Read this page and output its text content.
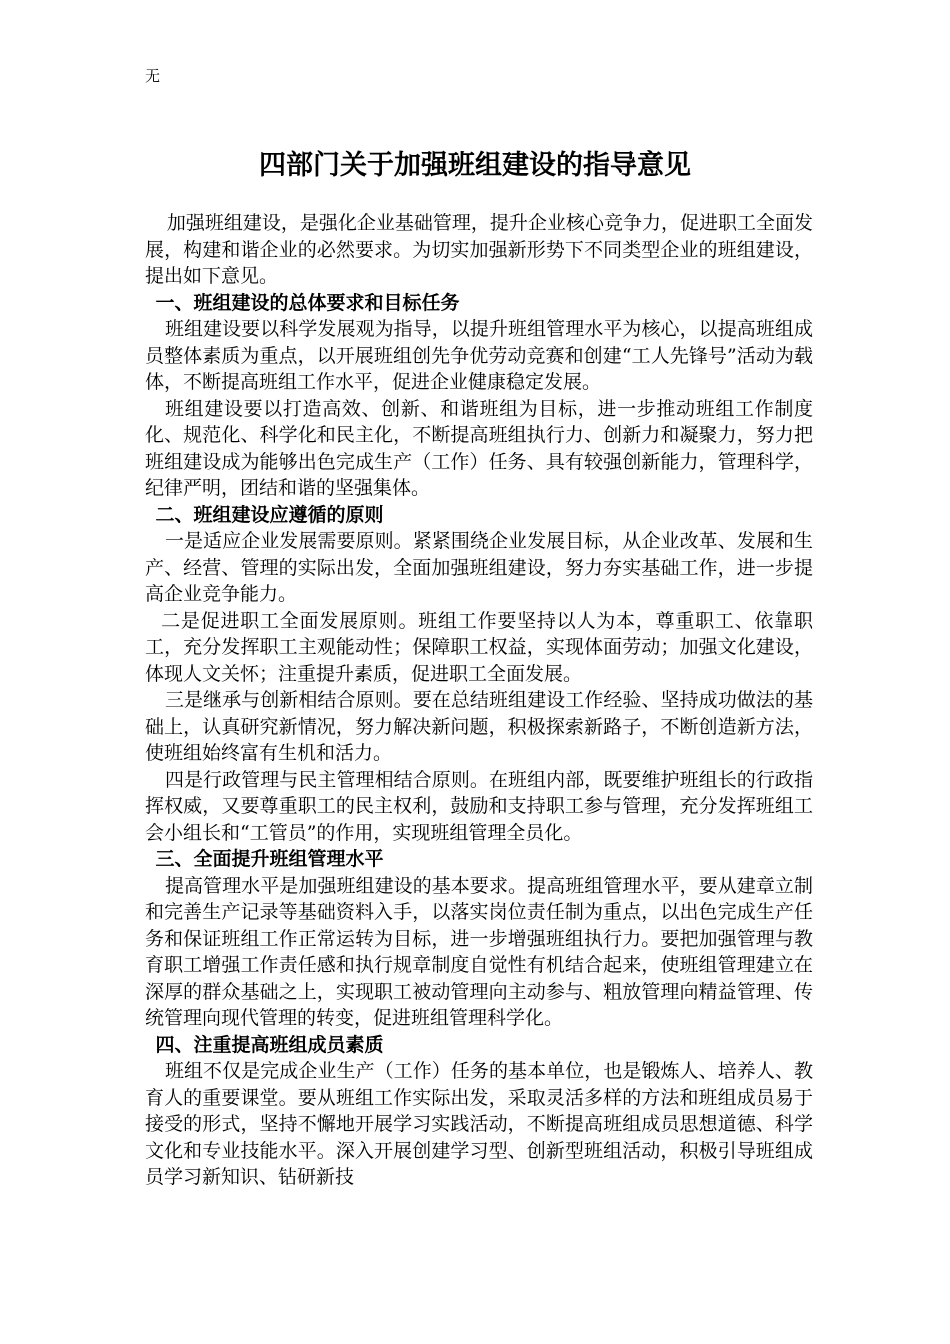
无
四部门关于加强班组建设的指导意见

加强班组建设，是强化企业基础管理，提升企业核心竞争力，促进职工全面发展，构建和谐企业的必然要求。为切实加强新形势下不同类型企业的班组建设，提出如下意见。

一、班组建设的总体要求和目标任务

班组建设要以科学发展观为指导，以提升班组管理水平为核心，以提高班组成员整体素质为重点，以开展班组创先争优劳动竞赛和创建“工人先锋号”活动为载体，不断提高班组工作水平，促进企业健康稳定发展。

班组建设要以打造高效、创新、和谐班组为目标，进一步推动班组工作制度化、规范化、科学化和民主化，不断提高班组执行力、创新力和凝聚力，努力把班组建设成为能够出色完成生产（工作）任务、具有较强创新能力，管理科学，纪律严明，团结和谐的坚强集体。

二、班组建设应遵循的原则

一是适应企业发展需要原则。紧紧围绕企业发展目标，从企业改革、发展和生产、经营、管理的实际出发，全面加强班组建设，努力夯实基础工作，进一步提高企业竞争能力。

二是促进职工全面发展原则。班组工作要坚持以人为本，尊重职工、依靠职工，充分发挥职工主观能动性；保障职工权益，实现体面劳动；加强文化建设，体现人文关怀；注重提升素质，促进职工全面发展。

三是继承与创新相结合原则。要在总结班组建设工作经验、坚持成功做法的基础上，认真研究新情况，努力解决新问题，积极探索新路子，不断创造新方法，使班组始终富有生机和活力。

四是行政管理与民主管理相结合原则。在班组内部，既要维护班组长的行政指挥权威，又要尊重职工的民主权利，鼓励和支持职工参与管理，充分发挥班组工会小组长和“工管员”的作用，实现班组管理全员化。

三、全面提升班组管理水平

提高管理水平是加强班组建设的基本要求。提高班组管理水平，要从建章立制和完善生产记录等基础资料入手，以落实岗位责任制为重点，以出色完成生产任务和保证班组工作正常运转为目标，进一步增强班组执行力。要把加强管理与教育职工增强工作责任感和执行规章制度自觉性有机结合起来，使班组管理建立在深厚的群众基础之上，实现职工被动管理向主动参与、粗放管理向精益管理、传统管理向现代管理的转变，促进班组管理科学化。

四、注重提高班组成员素质

班组不仅是完成企业生产（工作）任务的基本单位，也是锻炼人、培养人、教育人的重要课堂。要从班组工作实际出发，采取灵活多样的方法和班组成员易于接受的形式，坚持不懈地开展学习实践活动，不断提高班组成员思想道德、科学文化和专业技能水平。深入开展创建学习型、创新型班组活动，积极引导班组成员学习新知识、钻研新技
